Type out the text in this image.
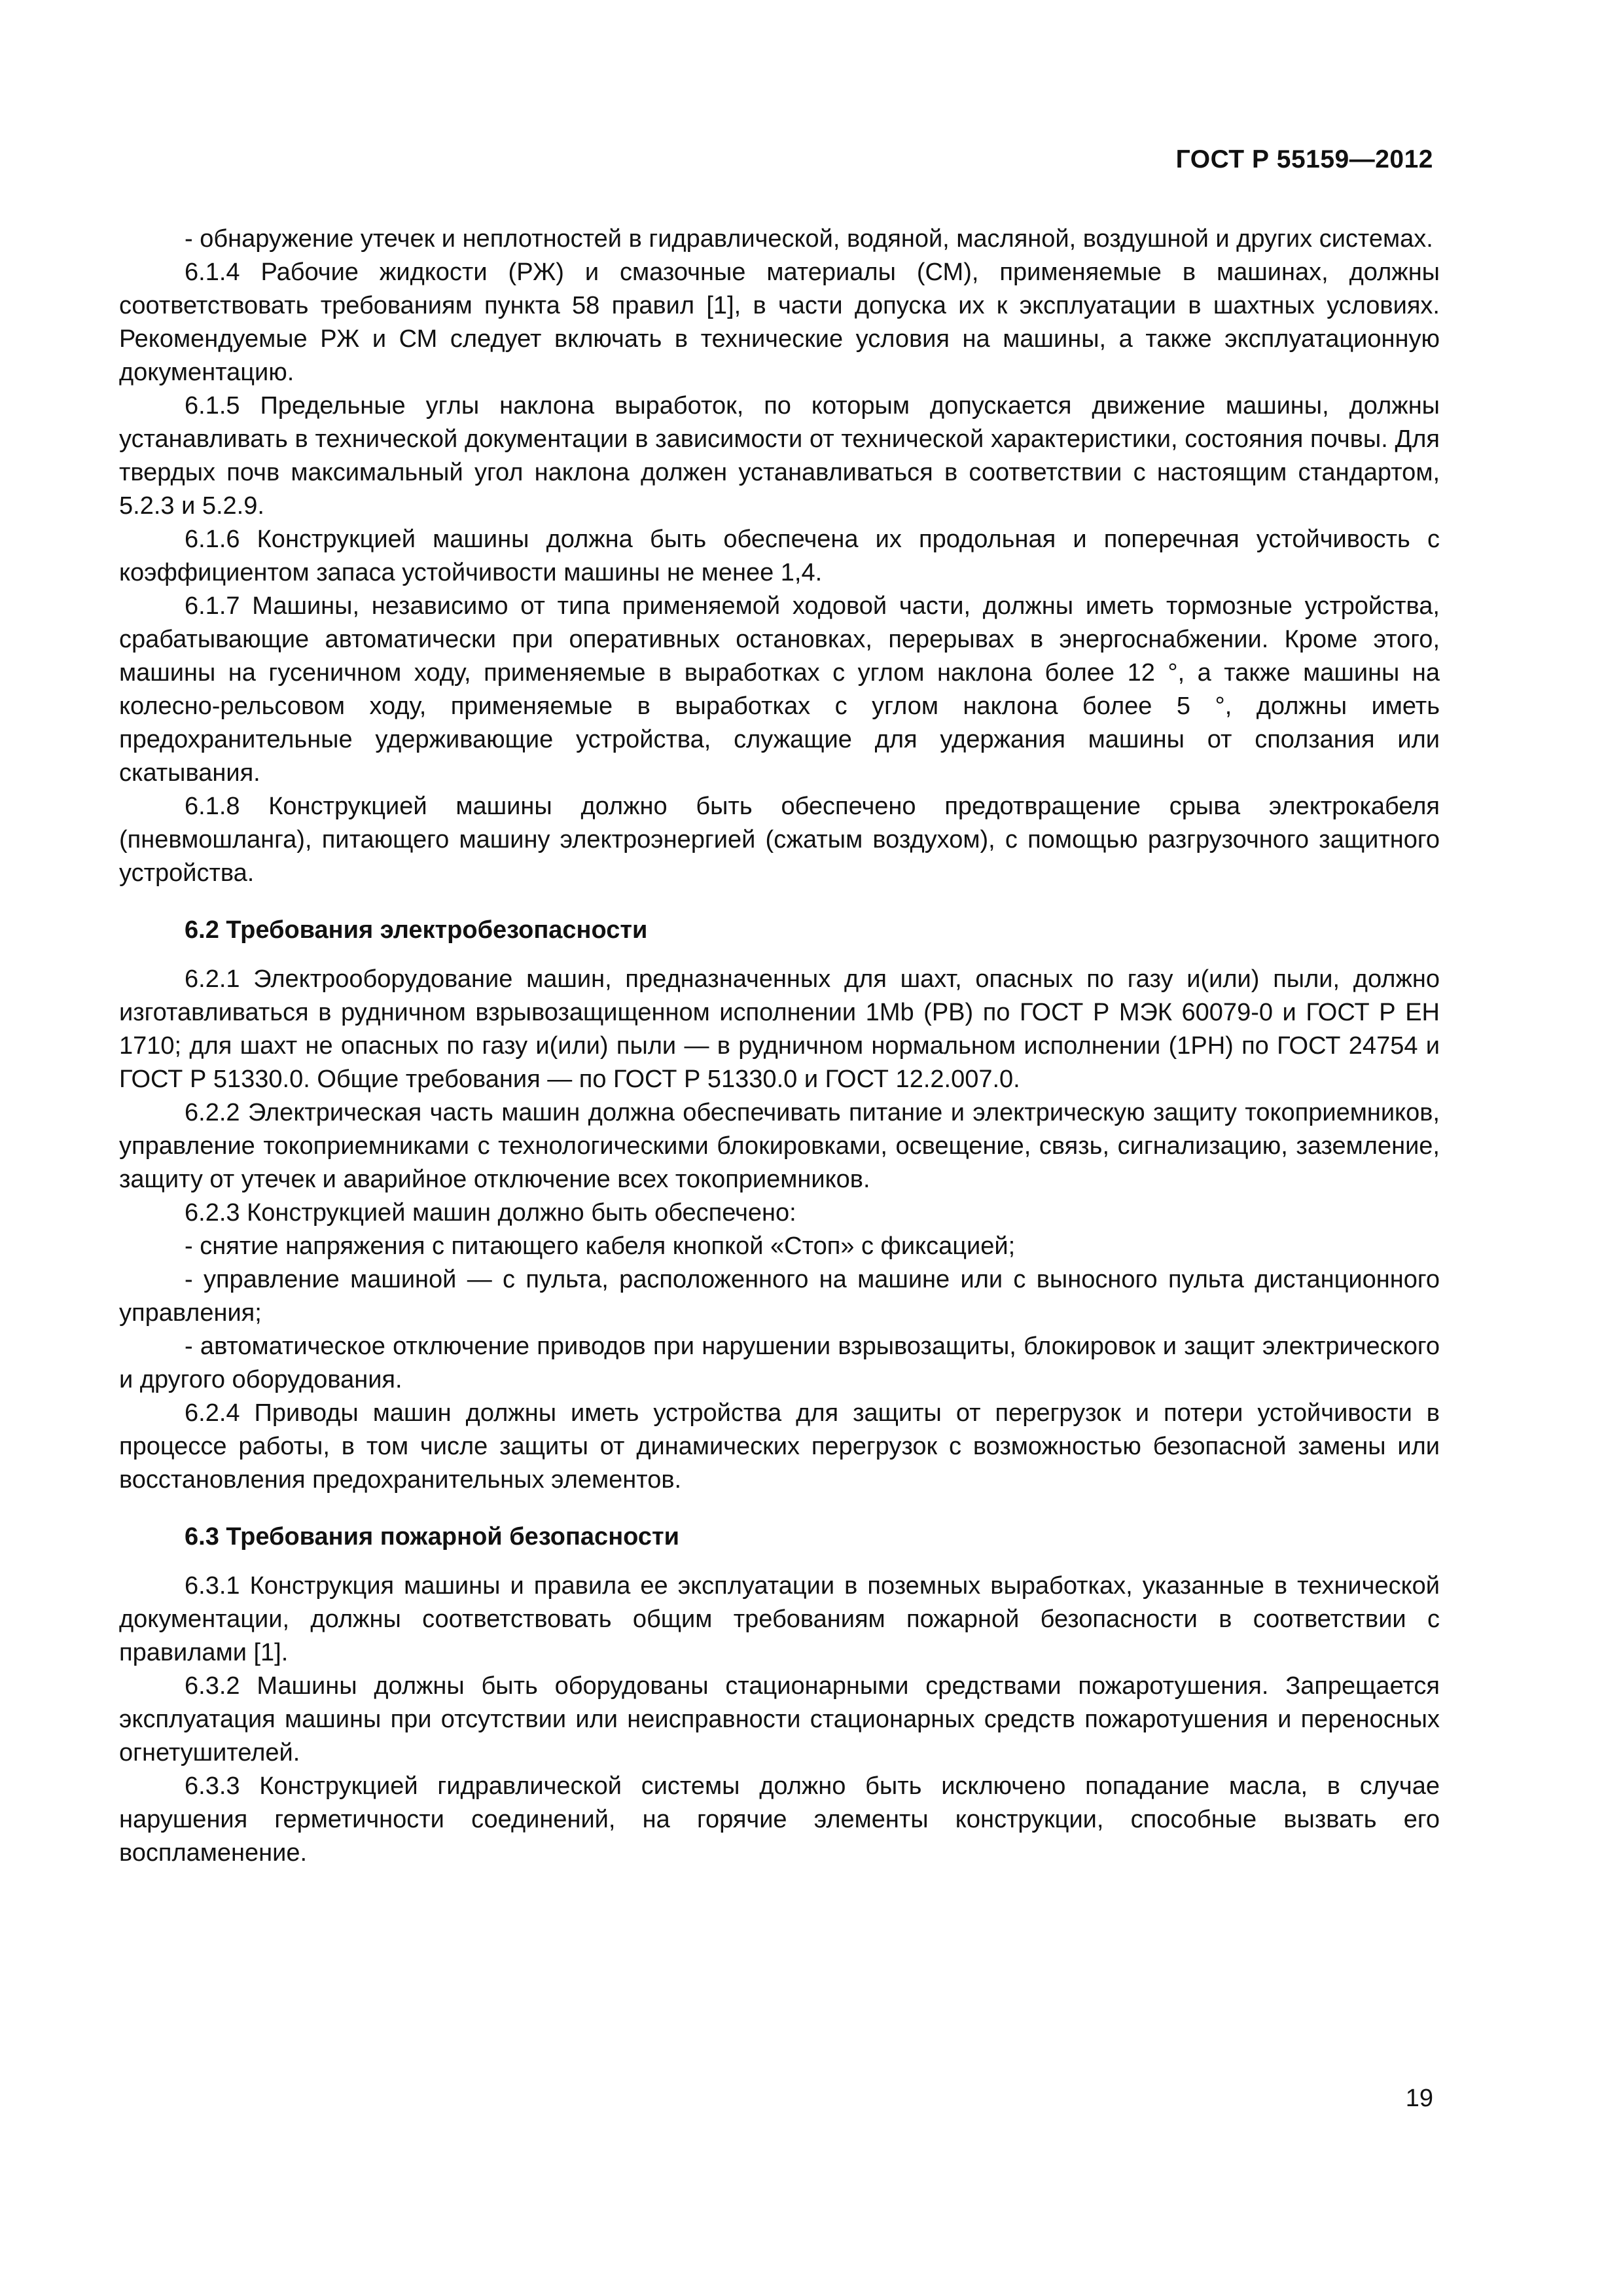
ГОСТ Р 55159—2012

- обнаружение утечек и неплотностей в гидравлической, водяной, масляной, воздушной и других системах.

6.1.4 Рабочие жидкости (РЖ) и смазочные материалы (СМ), применяемые в машинах, должны соответствовать требованиям пункта 58 правил [1], в части допуска их к эксплуатации в шахтных условиях. Рекомендуемые РЖ и СМ следует включать в технические условия на машины, а также эксплуатационную документацию.

6.1.5 Предельные углы наклона выработок, по которым допускается движение машины, должны устанавливать в технической документации в зависимости от технической характеристики, состояния почвы. Для твердых почв максимальный угол наклона должен устанавливаться в соответствии с настоящим стандартом, 5.2.3 и 5.2.9.

6.1.6 Конструкцией машины должна быть обеспечена их продольная и поперечная устойчивость с коэффициентом запаса устойчивости машины не менее 1,4.

6.1.7 Машины, независимо от типа применяемой ходовой части, должны иметь тормозные устройства, срабатывающие автоматически при оперативных остановках, перерывах в энергоснабжении. Кроме этого, машины на гусеничном ходу, применяемые в выработках с углом наклона более 12 °, а также машины на колесно-рельсовом ходу, применяемые в выработках с углом наклона более 5 °, должны иметь предохранительные удерживающие устройства, служащие для удержания машины от сползания или скатывания.

6.1.8 Конструкцией машины должно быть обеспечено предотвращение срыва электрокабеля (пневмошланга), питающего машину электроэнергией (сжатым воздухом), с помощью разгрузочного защитного устройства.

6.2 Требования электробезопасности

6.2.1 Электрооборудование машин, предназначенных для шахт, опасных по газу и(или) пыли, должно изготавливаться в рудничном взрывозащищенном исполнении 1Mb (РВ) по ГОСТ Р МЭК 60079-0 и ГОСТ Р ЕН 1710; для шахт не опасных по газу и(или) пыли — в рудничном нормальном исполнении (1РН) по ГОСТ 24754 и ГОСТ Р 51330.0. Общие требования — по ГОСТ Р 51330.0 и ГОСТ 12.2.007.0.

6.2.2 Электрическая часть машин должна обеспечивать питание и электрическую защиту токоприемников, управление токоприемниками с технологическими блокировками, освещение, связь, сигнализацию, заземление, защиту от утечек и аварийное отключение всех токоприемников.

6.2.3 Конструкцией машин должно быть обеспечено:

- снятие напряжения с питающего кабеля кнопкой «Стоп» с фиксацией;

- управление машиной — с пульта, расположенного на машине или с выносного пульта дистанционного управления;

- автоматическое отключение приводов при нарушении взрывозащиты, блокировок и защит электрического и другого оборудования.

6.2.4 Приводы машин должны иметь устройства для защиты от перегрузок и потери устойчивости в процессе работы, в том числе защиты от динамических перегрузок с возможностью безопасной замены или восстановления предохранительных элементов.

6.3 Требования пожарной безопасности

6.3.1 Конструкция машины и правила ее эксплуатации в поземных выработках, указанные в технической документации, должны соответствовать общим требованиям пожарной безопасности в соответствии с правилами [1].

6.3.2 Машины должны быть оборудованы стационарными средствами пожаротушения. Запрещается эксплуатация машины при отсутствии или неисправности стационарных средств пожаротушения и переносных огнетушителей.

6.3.3 Конструкцией гидравлической системы должно быть исключено попадание масла, в случае нарушения герметичности соединений, на горячие элементы конструкции, способные вызвать его воспламенение.

19
